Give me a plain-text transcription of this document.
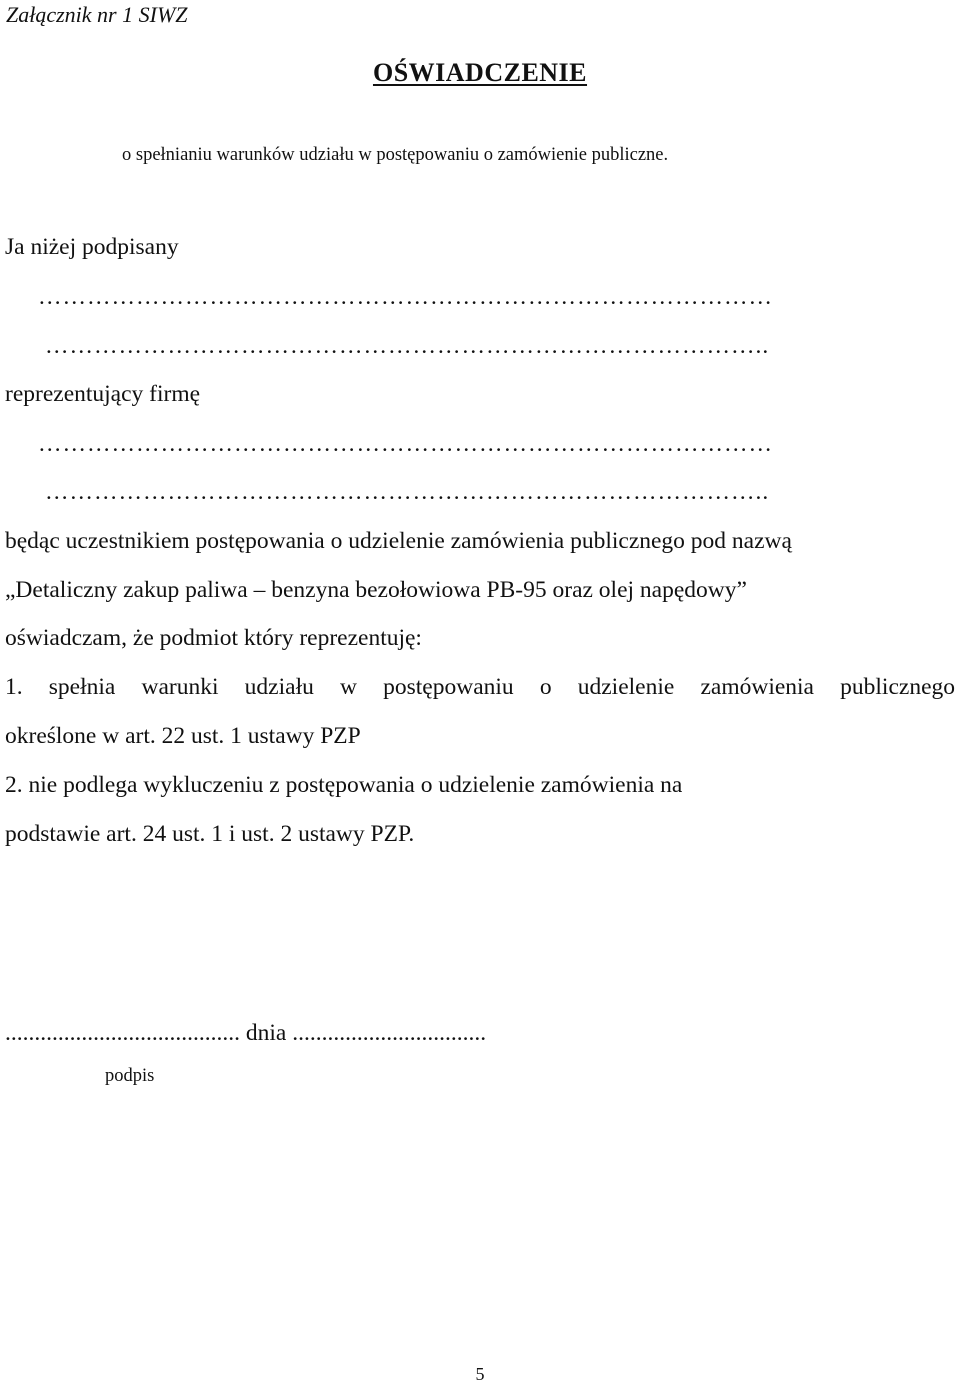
Załącznik nr 1 SIWZ
OŚWIADCZENIE
o spełnianiu warunków udziału w postępowaniu o zamówienie publiczne.
Ja niżej podpisany
………………………………………………………………………………
……………………………………………………………………………..
reprezentujący firmę
………………………………………………………………………………
……………………………………………………………………………..
będąc uczestnikiem postępowania o udzielenie zamówienia publicznego pod nazwą
„Detaliczny zakup paliwa – benzyna bezołowiowa PB-95 oraz olej napędowy”
oświadczam, że podmiot który reprezentuję:
1. spełnia warunki udziału w postępowaniu o udzielenie zamówienia publicznego
określone w art. 22 ust. 1 ustawy PZP
2. nie podlega wykluczeniu z postępowania o udzielenie zamówienia na
podstawie art. 24 ust. 1 i ust. 2 ustawy PZP.
........................................ dnia .................................
podpis
5
